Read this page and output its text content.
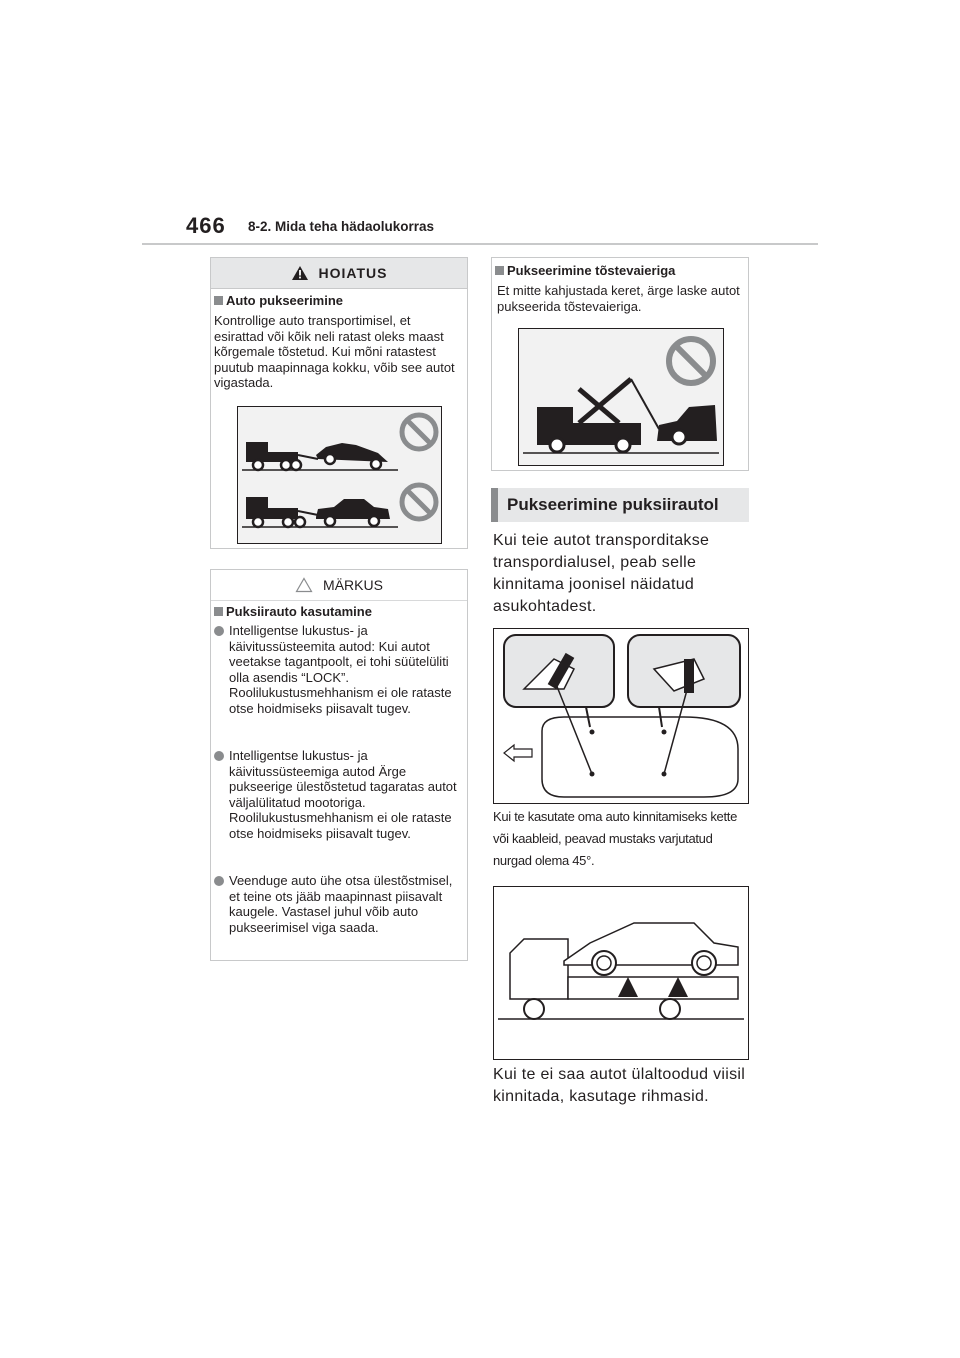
466 8-2. Mida teha hädaolukorras
HOIATUS
Auto pukseerimine
Kontrollige auto transportimisel, et esirattad või kõik neli ratast oleks maast kõrgemale tõstetud. Kui mõni ratastest puutub maapinnaga kokku, võib see autot vigastada.
MÄRKUS
Puksiirauto kasutamine
Intelligentse lukustus- ja käivitussüsteemita autod: Kui autot veetakse tagantpoolt, ei tohi süütelüliti olla asendis “LOCK”. Roolilukustusmehhanism ei ole rataste otse hoidmiseks piisavalt tugev.
Intelligentse lukustus- ja käivitussüsteemiga autod Ärge pukseerige ülestõstetud tagaratas autot väljalülitatud mootoriga. Roolilukustusmehhanism ei ole rataste otse hoidmiseks piisavalt tugev.
Veenduge auto ühe otsa ülestõstmisel, et teine ots jääb maapinnast piisavalt kaugele. Vastasel juhul võib auto pukseerimisel viga saada.
Pukseerimine tõstevaieriga
Et mitte kahjustada keret, ärge laske autot pukseerida tõstevaieriga.
Pukseerimine puksiirautol
Kui teie autot transporditakse transpordialusel, peab selle kinnitama joonisel näidatud asukohtadest.
Kui te kasutate oma auto kinnitamiseks kette või kaableid, peavad mustaks varjutatud nurgad olema 45°.
Kui te ei saa autot ülaltoodud viisil kinnitada, kasutage rihmasid.
